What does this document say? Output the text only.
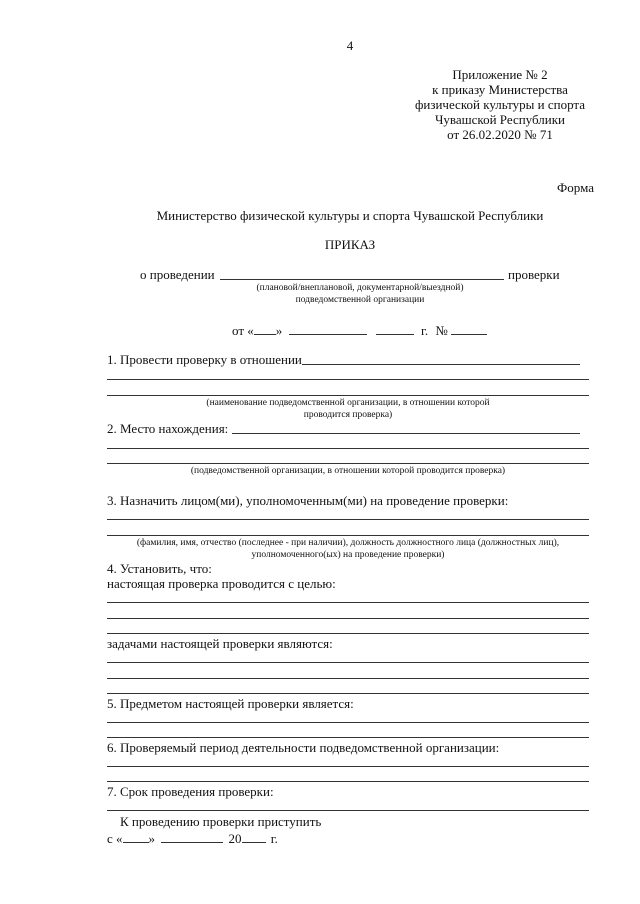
4
Приложение № 2
к приказу Министерства
физической культуры и спорта
Чувашской Республики
от 26.02.2020 № 71
Форма
Министерство физической культуры и спорта Чувашской Республики
ПРИКАЗ
о проведении	проверки
(плановой/внеплановой, документарной/выездной)
подведомственной организации
от « »	г. №
1. Провести проверку в отношении
(наименование подведомственной организации, в отношении которой
проводится проверка)
2. Место нахождения:
(подведомственной организации, в отношении которой проводится проверка)
3. Назначить лицом(ми), уполномоченным(ми) на проведение проверки:
(фамилия, имя, отчество (последнее - при наличии), должность должностного лица (должностных лиц),
уполномоченного(ых) на проведение проверки)
4. Установить, что:
настоящая проверка проводится с целью:
задачами настоящей проверки являются:
5. Предметом настоящей проверки является:
6. Проверяемый период деятельности подведомственной организации:
7. Срок проведения проверки:
К проведению проверки приступить
с « »	20 г.
